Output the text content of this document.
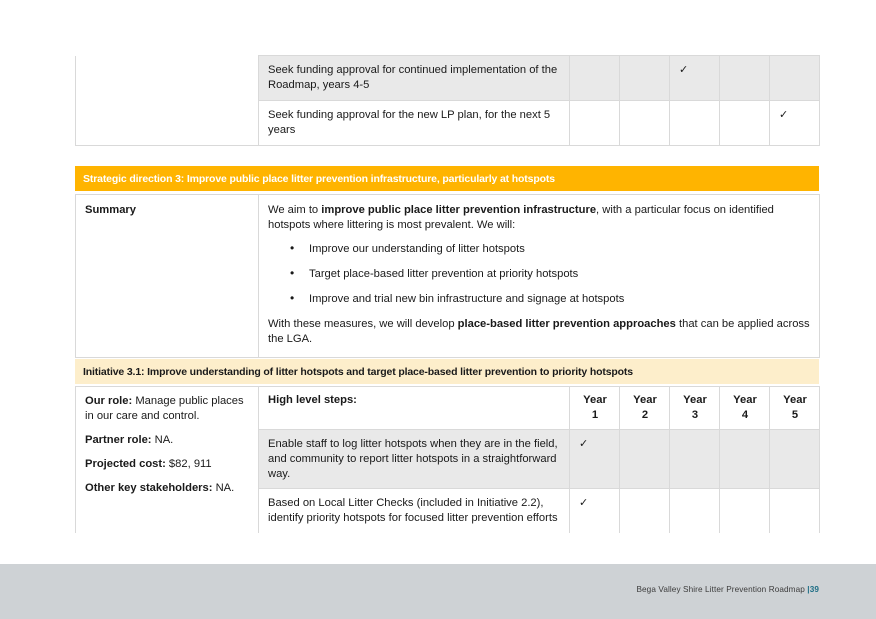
	Seek funding approval for continued implementation of the Roadmap, years 4-5			✓		
	Seek funding approval for the new LP plan, for the next 5 years					✓
Strategic direction 3: Improve public place litter prevention infrastructure, particularly at hotspots
Summary	We aim to improve public place litter prevention infrastructure, with a particular focus on identified hotspots where littering is most prevalent. We will:

• Improve our understanding of litter hotspots
• Target place-based litter prevention at priority hotspots
• Improve and trial new bin infrastructure and signage at hotspots

With these measures, we will develop place-based litter prevention approaches that can be applied across the LGA.

Initiative 3.1: Improve understanding of litter hotspots and target place-based litter prevention to priority hotspots

Our role: Manage public places in our care and control.

Partner role: NA.

Projected cost: $82, 911

Other key stakeholders: NA.	High level steps:	Year 1	Year 2	Year 3	Year 4	Year 5
	Enable staff to log litter hotspots when they are in the field, and community to report litter hotspots in a straightforward way.	✓				
	Based on Local Litter Checks (included in Initiative 2.2), identify priority hotspots for focused litter prevention efforts	✓				
Bega Valley Shire Litter Prevention Roadmap |39
